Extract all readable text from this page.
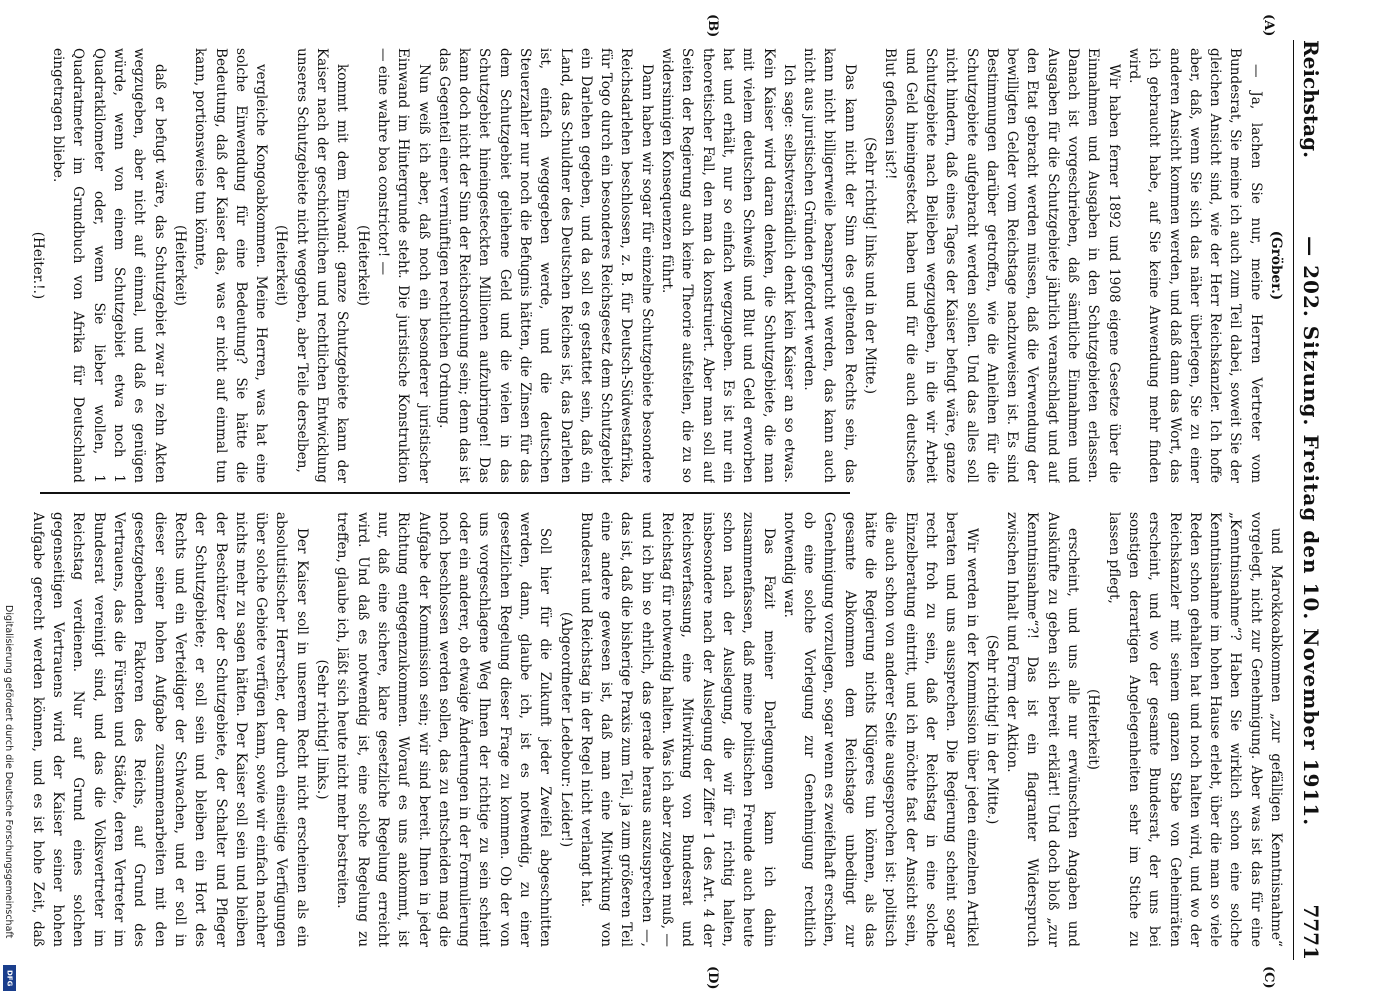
Digitalisierung gefördert durch die Deutsche Forschungsgemeinschaft
DFG
Reichstag.
— 202. Sitzung. Freitag den 10. November 1911.
7771
(A)
(B)
(C)
(D)

(Gröber.)

— Ja, lachen Sie nur, meine Herren Vertreter vom Bundesrat, Sie meine ich auch zum Teil dabei, soweit Sie der gleichen Ansicht sind, wie der Herr Reichskanzler. Ich hoffe aber, daß, wenn Sie sich das näher überlegen, Sie zu einer anderen Ansicht kommen werden, und daß dann das Wort, das ich gebraucht habe, auf Sie keine Anwendung mehr finden wird.

Wir haben ferner 1892 und 1908 eigene Gesetze über die Einnahmen und Ausgaben in den Schutzgebieten erlassen. Danach ist vorgeschrieben, daß sämtliche Einnahmen und Ausgaben für die Schutzgebiete jährlich veranschlagt und auf den Etat gebracht werden müssen, daß die Verwendung der bewilligten Gelder vom Reichstage nachzuweisen ist. Es sind Bestimmungen darüber getroffen, wie die Anleihen für die Schutzgebiete aufgebracht werden sollen. Und das alles soll nicht hindern, daß eines Tages der Kaiser befugt wäre, ganze Schutzgebiete nach Belieben wegzugeben, in die wir Arbeit und Geld hineingesteckt haben und für die auch deutsches Blut geflossen ist?!

(Sehr richtig! links und in der Mitte.)

Das kann nicht der Sinn des geltenden Rechts sein, das kann nicht billigerweile beansprucht werden, das kann auch nicht aus juristischen Gründen gefordert werden.

Ich sage: selbstverständlich denkt kein Kaiser an so etwas. Kein Kaiser wird daran denken, die Schutzgebiete, die man mit vielem deutschen Schweiß und Blut und Geld erworben hat und erhält, nur so einfach wegzugeben. Es ist nur ein theoretischer Fall, den man da konstruiert. Aber man soll auf Seiten der Regierung auch keine Theorie aufstellen, die zu so widersinnigen Konsequenzen führt.

Dann haben wir sogar für einzelne Schutzgebiete besondere Reichsdarlehen beschlossen, z. B. für Deutsch-Südwestafrika, für Togo durch ein besonderes Reichsgesetz dem Schutzgebiet ein Darlehen gegeben, und da soll es gestattet sein, daß ein Land, das Schuldner des Deutschen Reiches ist, das Darlehen ist, einfach weggegeben werde, und die deutschen Steuerzahler nur noch die Befugnis hätten, die Zinsen für das dem Schutzgebiet geliehene Geld und die vielen in das Schutzgebiet hineingesteckten Millionen aufzubringen! Das kann doch nicht der Sinn der Reichsordnung sein; denn das ist das Gegenteil einer vernünftigen rechtlichen Ordnung.

Nun weiß ich aber, daß noch ein besonderer juristischer Einwand im Hintergrunde steht. Die juristische Konstruktion — eine wahre boa constrictor! —

(Heiterkeit)

kommt mit dem Einwand: ganze Schutzgebiete kann der Kaiser nach der geschichtlichen und rechtlichen Entwicklung unseres Schutzgebiete nicht weggeben, aber Teile derselben,

(Heiterkeit)

vergleiche Kongoabkommen. Meine Herren, was hat eine solche Einwendung für eine Bedeutung? Sie hätte die Bedeutung, daß der Kaiser das, was er nicht auf einmal tun kann, portionsweise tun könnte,

(Heiterkeit)

daß er befugt wäre, das Schutzgebiet zwar in zehn Akten wegzugeben, aber nicht auf einmal, und daß es genügen würde, wenn von einem Schutzgebiet etwa noch 1 Quadratkilometer oder, wenn Sie lieber wollen, 1 Quadratmeter im Grundbuch von Afrika für Deutschland eingetragen bliebe.

(Heiter.!.)

und Marokkoabkommen „zur gefälligen Kenntnisnahme“ vorgelegt, nicht zur Genehmigung. Aber was ist das für eine „Kenntnisnahme“? Haben Sie wirklich schon eine solche Kenntnisnahme im hohen Hause erlebt, über die man so viele Reden schon gehalten hat und noch halten wird, und wo der Reichskanzler mit seinem ganzen Stabe von Geheimräten erscheint, und wo der gesamte Bundesrat, der uns bei sonstigen derartigen Angelegenheiten sehr im Stiche zu lassen pflegt,

(Heiterkeit)

erscheint, und uns alle nur erwünschten Angaben und Auskünfte zu geben sich bereit erklärt! Und doch bloß „zur Kenntnisnahme“?! Das ist ein flagranter Widerspruch zwischen Inhalt und Form der Aktion.

(Sehr richtig! in der Mitte.)

Wir werden in der Kommission über jeden einzelnen Artikel beraten und uns aussprechen. Die Regierung scheint sogar recht froh zu sein, daß der Reichstag in eine solche Einzelberatung eintritt, und ich möchte fast der Ansicht sein, die auch schon von anderer Seite ausgesprochen ist: politisch hätte die Regierung nichts Klügeres tun können, als das gesamte Abkommen dem Reichstage unbedingt zur Genehmigung vorzulegen, sogar wenn es zweifelhaft erschien, ob eine solche Vorlegung zur Genehmigung rechtlich notwendig war.

Das Fazit meiner Darlegungen kann ich dahin zusammenfassen, daß meine politischen Freunde auch heute schon nach der Auslegung, die wir für richtig halten, insbesondere nach der Auslegung der Ziffer 1 des Art. 4 der Reichsverfassung, eine Mitwirkung von Bundesrat und Reichstag für notwendig halten. Was ich aber zugeben muß, — und ich bin so ehrlich, das gerade heraus auszusprechen —, das ist, daß die bisherige Praxis zum Teil, ja zum größeren Teil eine andere gewesen ist, daß man eine Mitwirkung von Bundesrat und Reichstag in der Regel nicht verlangt hat.

(Abgeordneter Ledebour: Leider!)

Soll hier für die Zukunft jeder Zweifel abgeschnitten werden, dann, glaube ich, ist es notwendig, zu einer gesetzlichen Regelung dieser Frage zu kommen. Ob der von uns vorgeschlagene Weg Ihnen der richtige zu sein scheint oder ein anderer, ob etwaige Änderungen in der Formulierung noch beschlossen werden sollen, das zu entscheiden mag die Aufgabe der Kommission sein; wir sind bereit. Ihnen in jeder Richtung entgegenzukommen. Worauf es uns ankommt, ist nur, daß eine sichere, klare gesetzliche Regelung erreicht wird. Und daß es notwendig ist, eine solche Regelung zu treffen, glaube ich, läßt sich heute nicht mehr bestreiten.

(Sehr richtig! links.)

Der Kaiser soll in unserem Recht nicht erscheinen als ein absolutistischer Herrscher, der durch einseitige Verfügungen über solche Gebiete verfügen kann, sowie wir einfach nachher nichts mehr zu sagen hätten. Der Kaiser soll sein und bleiben der Beschützer der Schutzgebiete, der Schalter und Pfleger der Schutzgebiete; er soll sein und bleiben ein Hort des Rechts und ein Verteidiger der Schwachen, und er soll in dieser seiner hohen Aufgabe zusammenarbeiten mit den gesetzgebenden Faktoren des Reichs, auf Grund des Vertrauens, das die Fürsten und Städte, deren Vertreter im Bundesrat vereinigt sind, und das die Volksvertreter im Reichstag verdienen. Nur auf Grund eines solchen gegenseitigen Vertrauens wird der Kaiser seiner hohen Aufgabe gerecht werden können, und es ist hohe Zeit, daß
